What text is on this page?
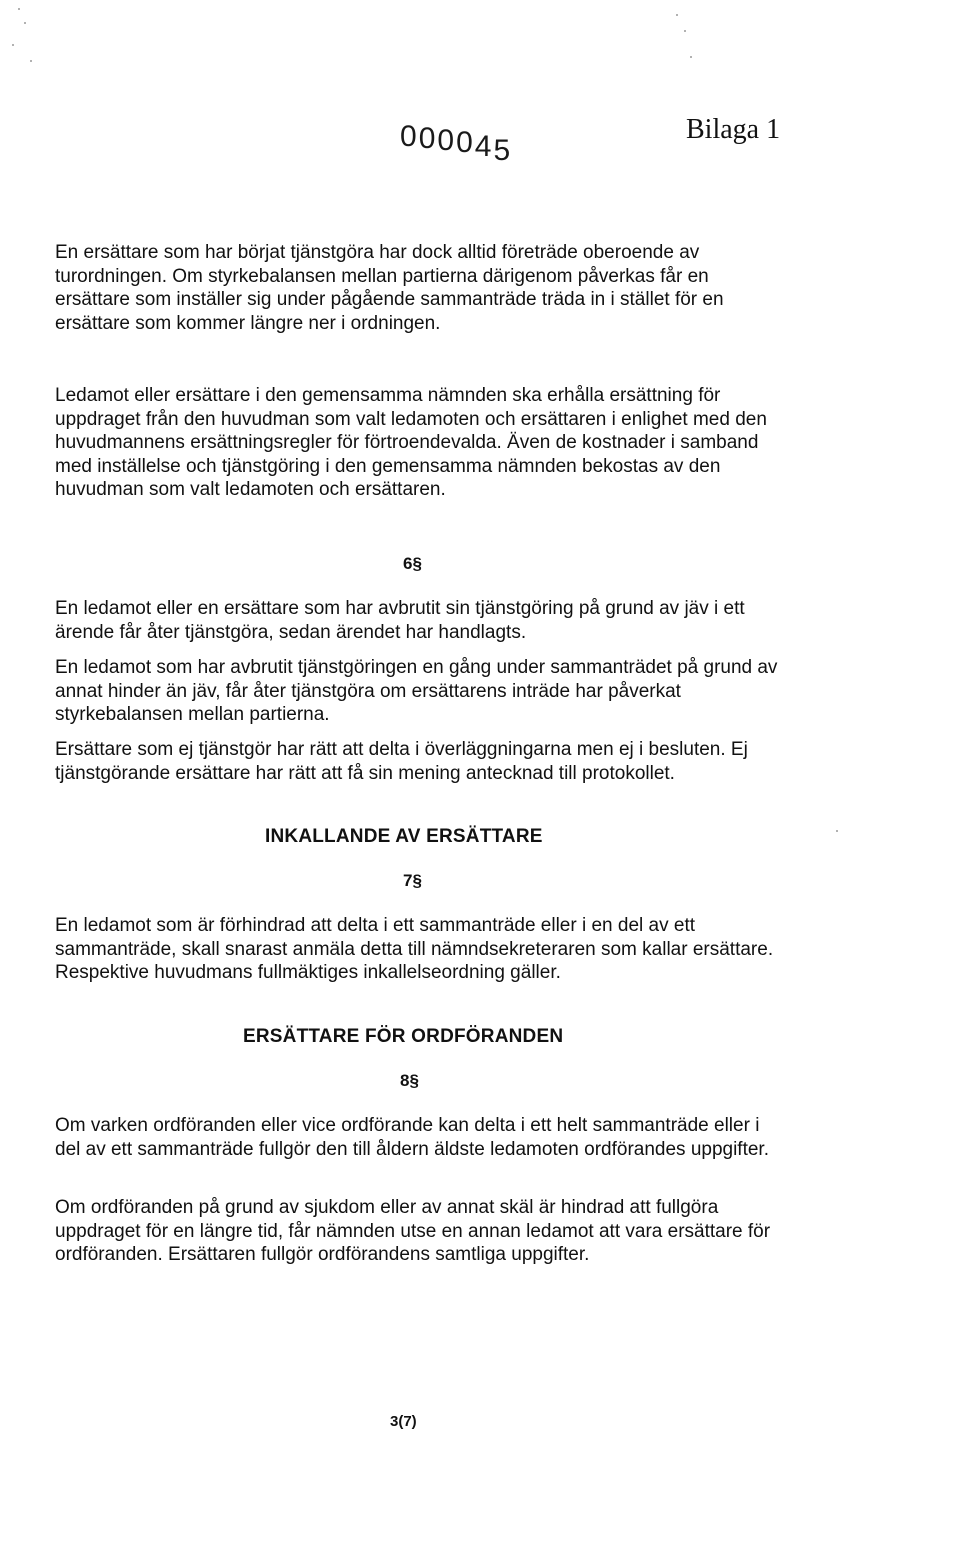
000045
Bilaga 1

En ersättare som har börjat tjänstgöra har dock alltid företräde oberoende av turordningen. Om styrkebalansen mellan partierna därigenom påverkas får en ersättare som inställer sig under pågående sammanträde träda in i stället för en ersättare som kommer längre ner i ordningen.

Ledamot eller ersättare i den gemensamma nämnden ska erhålla ersättning för uppdraget från den huvudman som valt ledamoten och ersättaren i enlighet med den huvudmannens ersättningsregler för förtroendevalda. Även de kostnader i samband med inställelse och tjänstgöring i den gemensamma nämnden bekostas av den huvudman som valt ledamoten och ersättaren.

6§

En ledamot eller en ersättare som har avbrutit sin tjänstgöring på grund av jäv i ett ärende får åter tjänstgöra, sedan ärendet har handlagts.

En ledamot som har avbrutit tjänstgöringen en gång under sammanträdet på grund av annat hinder än jäv, får åter tjänstgöra om ersättarens inträde har påverkat styrkebalansen mellan partierna.

Ersättare som ej tjänstgör har rätt att delta i överläggningarna men ej i besluten. Ej tjänstgörande ersättare har rätt att få sin mening antecknad till protokollet.

INKALLANDE AV ERSÄTTARE

7§

En ledamot som är förhindrad att delta i ett sammanträde eller i en del av ett sammanträde, skall snarast anmäla detta till nämndsekreteraren som kallar ersättare. Respektive huvudmans fullmäktiges inkallelseordning gäller.

ERSÄTTARE FÖR ORDFÖRANDEN

8§

Om varken ordföranden eller vice ordförande kan delta i ett helt sammanträde eller i del av ett sammanträde fullgör den till åldern äldste ledamoten ordförandes uppgifter.

Om ordföranden på grund av sjukdom eller av annat skäl är hindrad att fullgöra uppdraget för en längre tid, får nämnden utse en annan ledamot att vara ersättare för ordföranden. Ersättaren fullgör ordförandens samtliga uppgifter.

3(7)
